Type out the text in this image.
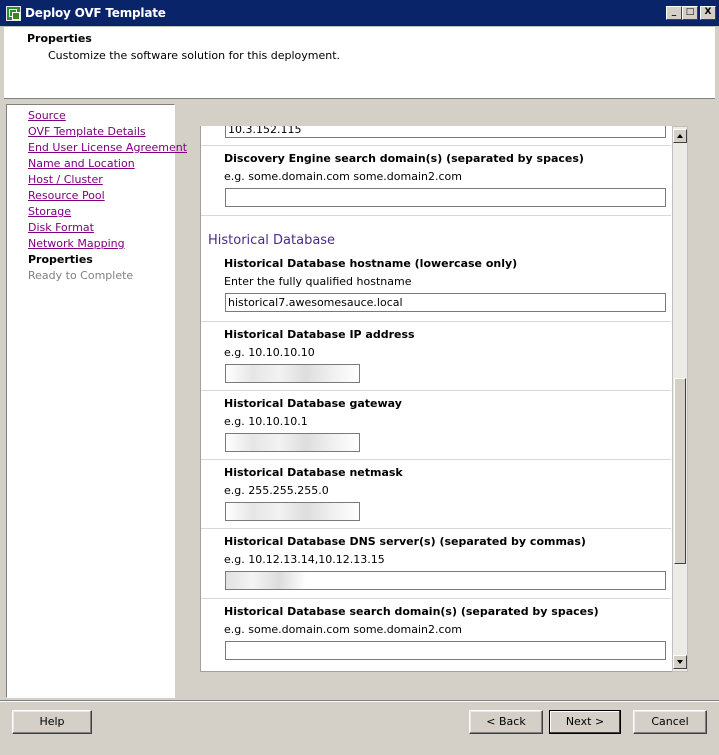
Deploy OVF Template	_	□	X
Properties
Customize the software solution for this deployment.
Source
OVF Template Details
End User License Agreement
Name and Location
Host / Cluster
Resource Pool
Storage
Disk Format
Network Mapping
Properties
Ready to Complete
10.3.152.115
Discovery Engine search domain(s) (separated by spaces)
e.g. some.domain.com some.domain2.com
Historical Database
Historical Database hostname (lowercase only)
Enter the fully qualified hostname
historical7.awesomesauce.local
Historical Database IP address
e.g. 10.10.10.10
Historical Database gateway
e.g. 10.10.10.1
Historical Database netmask
e.g. 255.255.255.0
Historical Database DNS server(s) (separated by commas)
e.g. 10.12.13.14,10.12.13.15
Historical Database search domain(s) (separated by spaces)
e.g. some.domain.com some.domain2.com
Help	< Back	Next >	Cancel
